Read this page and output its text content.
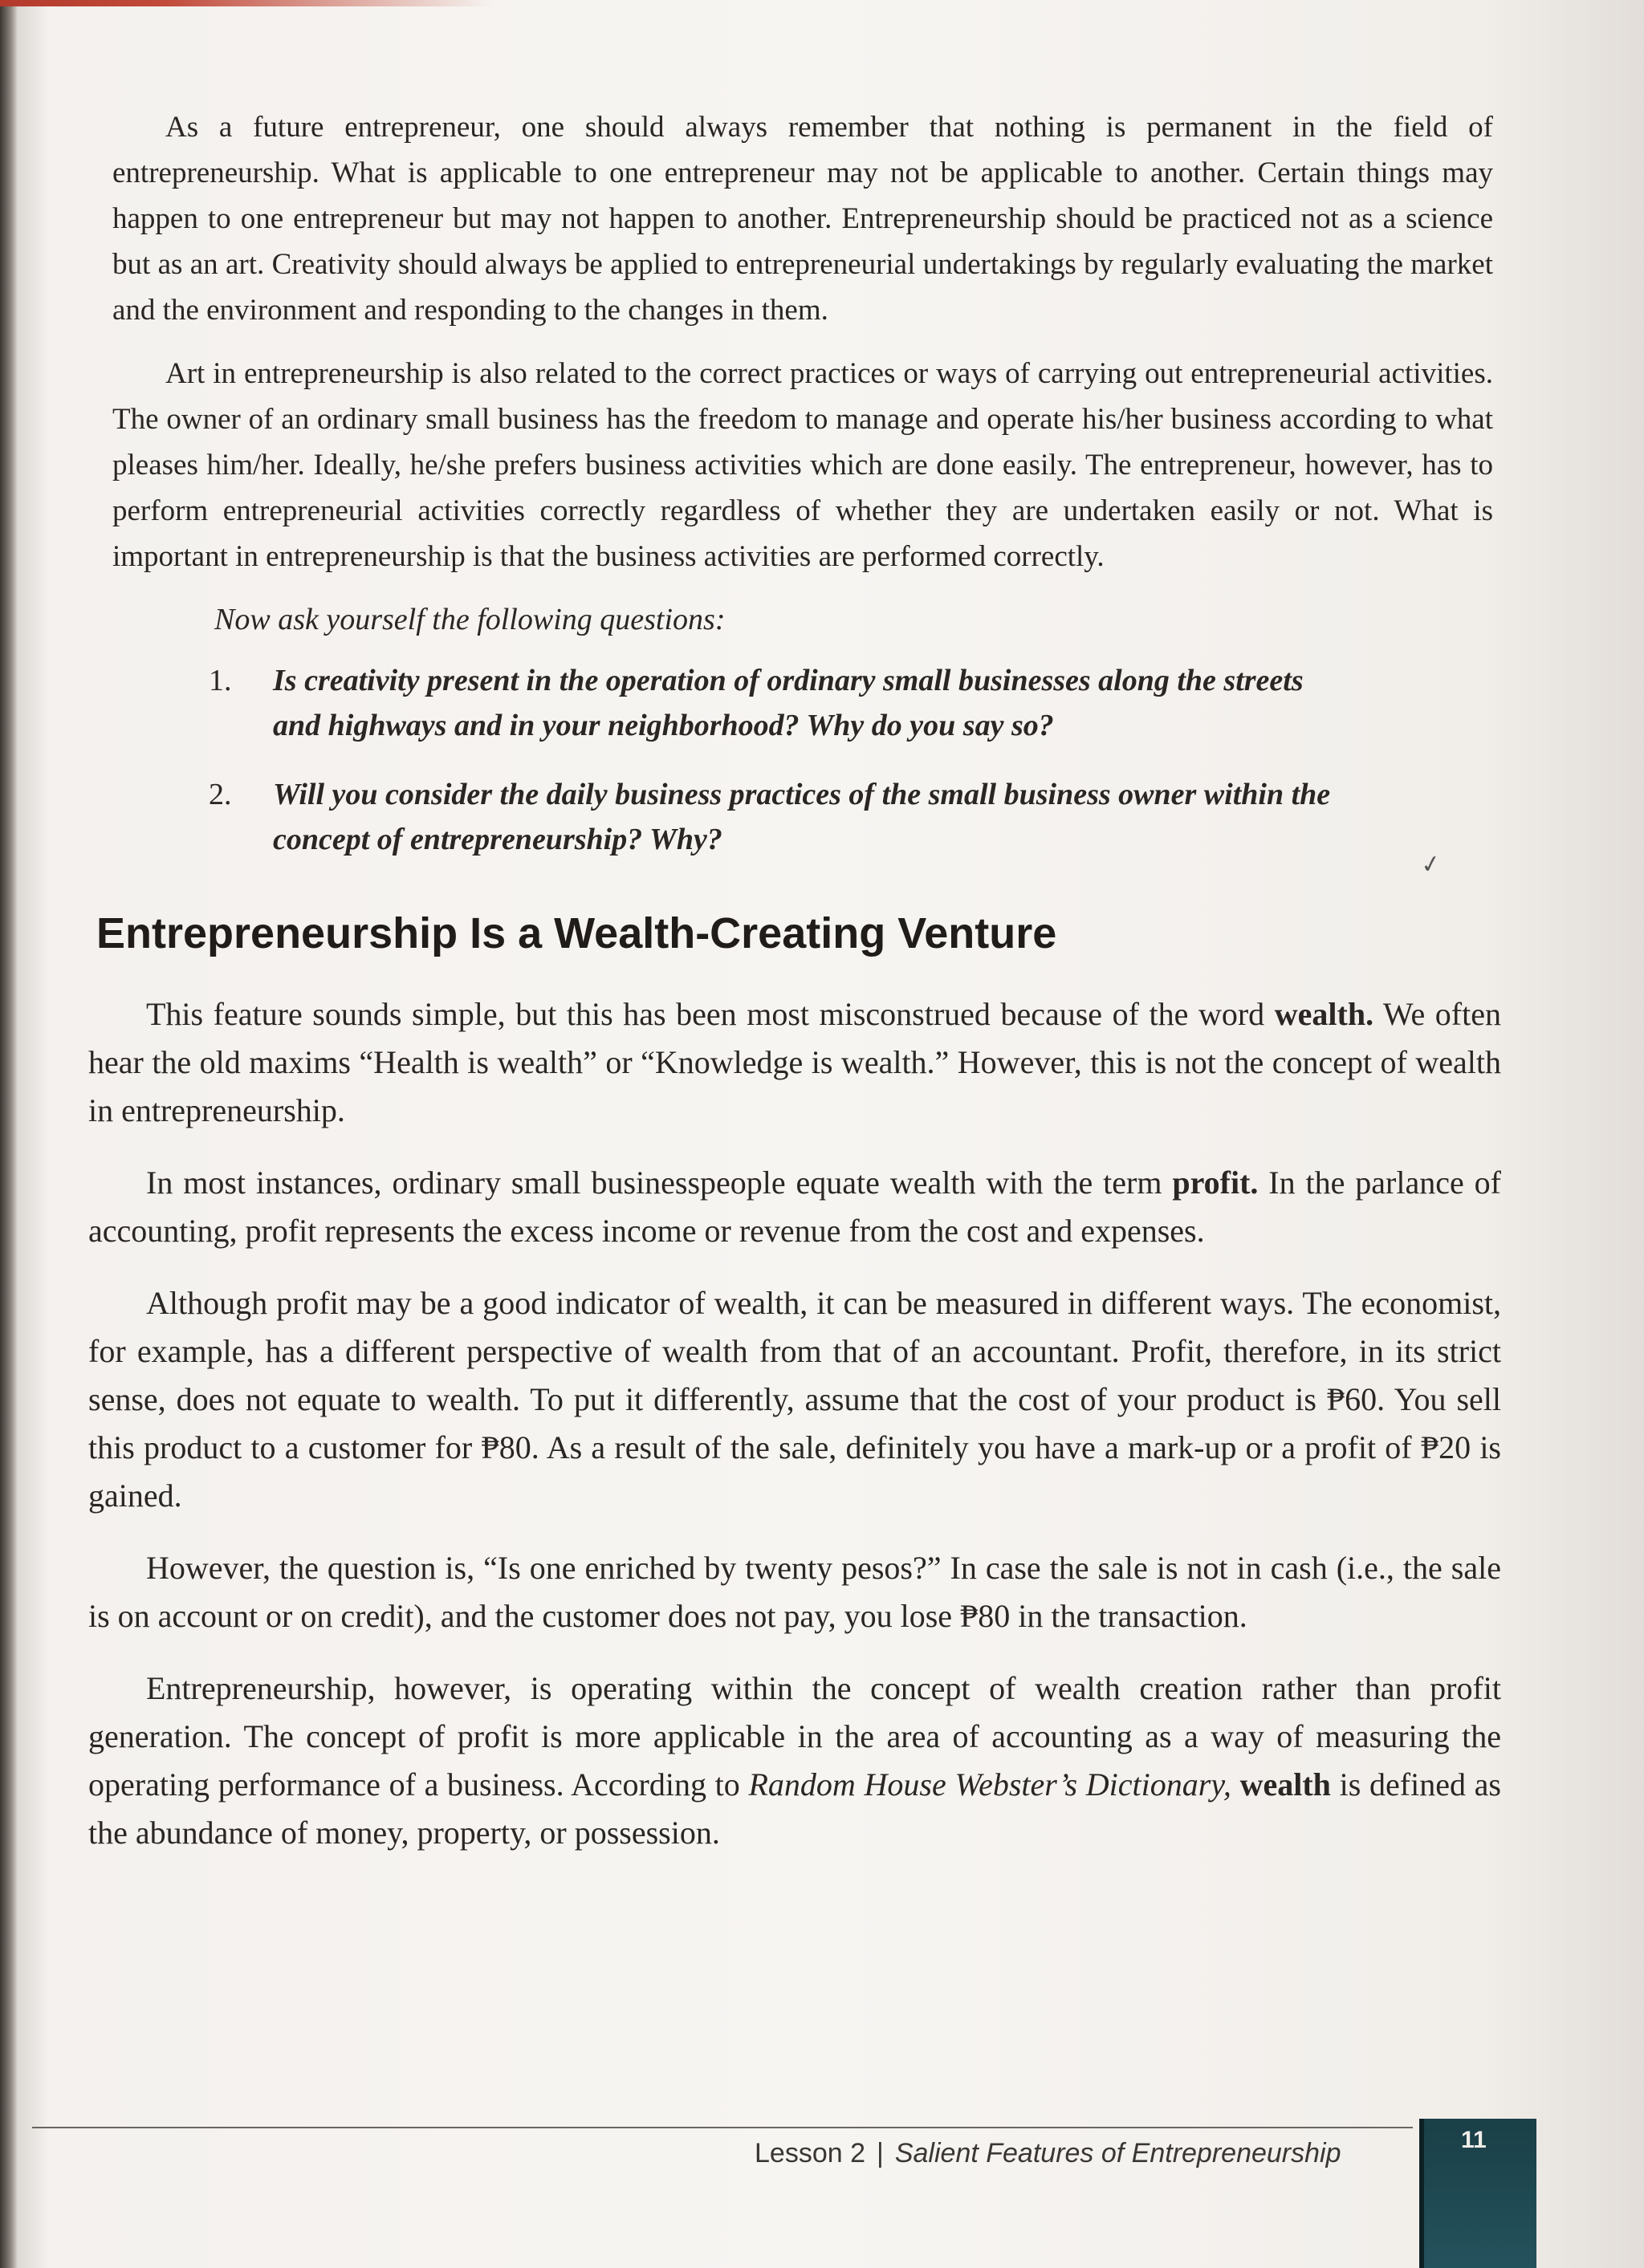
As a future entrepreneur, one should always remember that nothing is permanent in the field of entrepreneurship. What is applicable to one entrepreneur may not be applicable to another. Certain things may happen to one entrepreneur but may not happen to another. Entrepreneurship should be practiced not as a science but as an art. Creativity should always be applied to entrepreneurial undertakings by regularly evaluating the market and the environment and responding to the changes in them.

Art in entrepreneurship is also related to the correct practices or ways of carrying out entrepreneurial activities. The owner of an ordinary small business has the freedom to manage and operate his/her business according to what pleases him/her. Ideally, he/she prefers business activities which are done easily. The entrepreneur, however, has to perform entrepreneurial activities correctly regardless of whether they are undertaken easily or not. What is important in entrepreneurship is that the business activities are performed correctly.

Now ask yourself the following questions:
1.	Is creativity present in the operation of ordinary small businesses along the streets and highways and in your neighborhood? Why do you say so?
2.	Will you consider the daily business practices of the small business owner within the concept of entrepreneurship? Why?
Entrepreneurship Is a Wealth-Creating Venture

This feature sounds simple, but this has been most misconstrued because of the word wealth. We often hear the old maxims “Health is wealth” or “Knowledge is wealth.” However, this is not the concept of wealth in entrepreneurship.

In most instances, ordinary small businesspeople equate wealth with the term profit. In the parlance of accounting, profit represents the excess income or revenue from the cost and expenses.

Although profit may be a good indicator of wealth, it can be measured in different ways. The economist, for example, has a different perspective of wealth from that of an accountant. Profit, therefore, in its strict sense, does not equate to wealth. To put it differently, assume that the cost of your product is ₱60. You sell this product to a customer for ₱80. As a result of the sale, definitely you have a mark-up or a profit of ₱20 is gained.

However, the question is, “Is one enriched by twenty pesos?” In case the sale is not in cash (i.e., the sale is on account or on credit), and the customer does not pay, you lose ₱80 in the transaction.

Entrepreneurship, however, is operating within the concept of wealth creation rather than profit generation. The concept of profit is more applicable in the area of accounting as a way of measuring the operating performance of a business. According to Random House Webster’s Dictionary, wealth is defined as the abundance of money, property, or possession.

✓
Lesson 2 | Salient Features of Entrepreneurship	11
